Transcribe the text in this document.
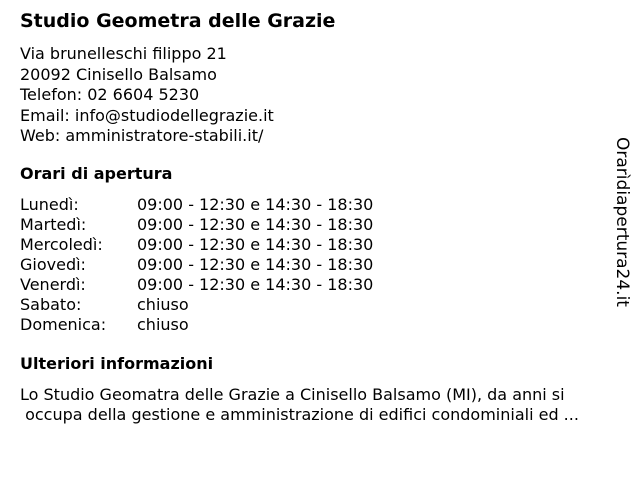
Studio Geometra delle Grazie
Via brunelleschi filippo 21
20092 Cinisello Balsamo
Telefon: 02 6604 5230
Email: info@studiodellegrazie.it
Web: amministratore-stabili.it/
Orari di apertura
Lunedì:	09:00 - 12:30 e 14:30 - 18:30
Martedì:	09:00 - 12:30 e 14:30 - 18:30
Mercoledì:	09:00 - 12:30 e 14:30 - 18:30
Giovedì:	09:00 - 12:30 e 14:30 - 18:30
Venerdì:	09:00 - 12:30 e 14:30 - 18:30
Sabato:	chiuso
Domenica:	chiuso
Ulteriori informazioni
Lo Studio Geomatra delle Grazie a Cinisello Balsamo (MI), da anni si
occupa della gestione e amministrazione di edifici condominiali ed ...
Orarìdiapertura24.it
